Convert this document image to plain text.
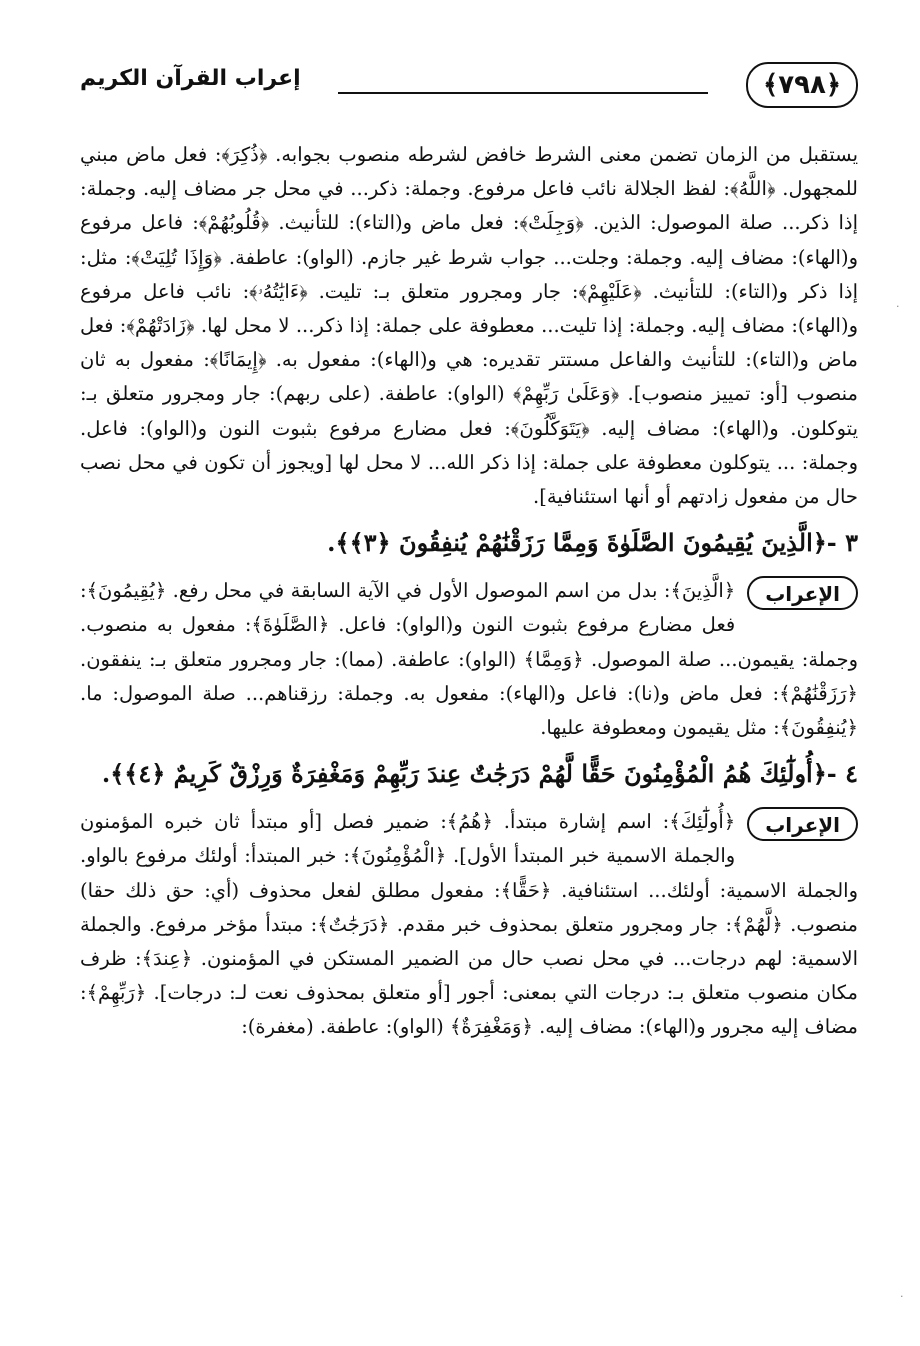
﴿٧٩٨﴾
إعراب القرآن الكريم

يستقبل من الزمان تضمن معنى الشرط خافض لشرطه منصوب بجوابه. ﴿ذُكِرَ﴾: فعل ماض مبني للمجهول. ﴿اللَّهُ﴾: لفظ الجلالة نائب فاعل مرفوع. وجملة: ذكر... في محل جر مضاف إليه. وجملة: إذا ذكر... صلة الموصول: الذين. ﴿وَجِلَتْ﴾: فعل ماض و(التاء): للتأنيث. ﴿قُلُوبُهُمْ﴾: فاعل مرفوع و(الهاء): مضاف إليه. وجملة: وجلت... جواب شرط غير جازم. (الواو): عاطفة. ﴿وَإِذَا تُلِيَتْ﴾: مثل: إذا ذكر و(التاء): للتأنيث. ﴿عَلَيْهِمْ﴾: جار ومجرور متعلق بـ: تليت. ﴿ءَايَٰتُهُۥ﴾: نائب فاعل مرفوع و(الهاء): مضاف إليه. وجملة: إذا تليت... معطوفة على جملة: إذا ذكر... لا محل لها. ﴿زَادَتْهُمْ﴾: فعل ماض و(التاء): للتأنيث والفاعل مستتر تقديره: هي و(الهاء): مفعول به. ﴿إِيمَانًا﴾: مفعول به ثان منصوب [أو: تمييز منصوب]. ﴿وَعَلَىٰ رَبِّهِمْ﴾ (الواو): عاطفة. (على ربهم): جار ومجرور متعلق بـ: يتوكلون. و(الهاء): مضاف إليه. ﴿يَتَوَكَّلُونَ﴾: فعل مضارع مرفوع بثبوت النون و(الواو): فاعل. وجملة: ... يتوكلون معطوفة على جملة: إذا ذكر الله... لا محل لها [ويجوز أن تكون في محل نصب حال من مفعول زادتهم أو أنها استئنافية].

٣ -﴿الَّذِينَ يُقِيمُونَ الصَّلَوٰةَ وَمِمَّا رَزَقْنَٰهُمْ يُنفِقُونَ ﴿٣﴾﴾.

الإعراب

﴿الَّذِينَ﴾: بدل من اسم الموصول الأول في الآية السابقة في محل رفع. ﴿يُقِيمُونَ﴾: فعل مضارع مرفوع بثبوت النون و(الواو): فاعل. ﴿الصَّلَوٰةَ﴾: مفعول به منصوب. وجملة: يقيمون... صلة الموصول. ﴿وَمِمَّا﴾ (الواو): عاطفة. (مما): جار ومجرور متعلق بـ: ينفقون. ﴿رَزَقْنَٰهُمْ﴾: فعل ماض و(نا): فاعل و(الهاء): مفعول به. وجملة: رزقناهم... صلة الموصول: ما. ﴿يُنفِقُونَ﴾: مثل يقيمون ومعطوفة عليها.

٤ -﴿أُولَٰٓئِكَ هُمُ الْمُؤْمِنُونَ حَقًّا لَّهُمْ دَرَجَٰتٌ عِندَ رَبِّهِمْ وَمَغْفِرَةٌ وَرِزْقٌ كَرِيمٌ ﴿٤﴾﴾.

الإعراب

﴿أُولَٰٓئِكَ﴾: اسم إشارة مبتدأ. ﴿هُمُ﴾: ضمير فصل [أو مبتدأ ثان خبره المؤمنون والجملة الاسمية خبر المبتدأ الأول]. ﴿الْمُؤْمِنُونَ﴾: خبر المبتدأ: أولئك مرفوع بالواو. والجملة الاسمية: أولئك... استئنافية. ﴿حَقًّا﴾: مفعول مطلق لفعل محذوف (أي: حق ذلك حقا) منصوب. ﴿لَّهُمْ﴾: جار ومجرور متعلق بمحذوف خبر مقدم. ﴿دَرَجَٰتٌ﴾: مبتدأ مؤخر مرفوع. والجملة الاسمية: لهم درجات... في محل نصب حال من الضمير المستكن في المؤمنون. ﴿عِندَ﴾: ظرف مكان منصوب متعلق بـ: درجات التي بمعنى: أجور [أو متعلق بمحذوف نعت لـ: درجات]. ﴿رَبِّهِمْ﴾: مضاف إليه مجرور و(الهاء): مضاف إليه. ﴿وَمَغْفِرَةٌ﴾ (الواو): عاطفة. (مغفرة):

·
·
